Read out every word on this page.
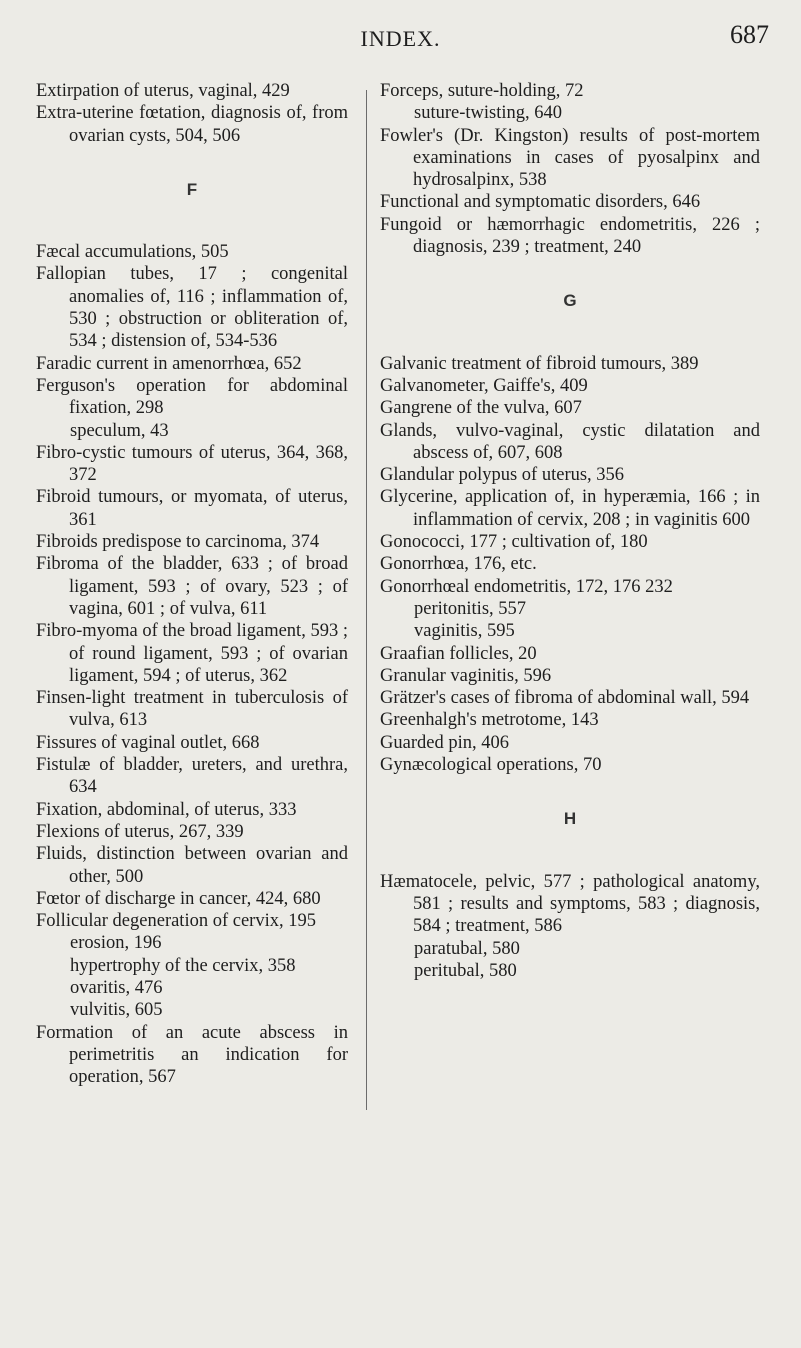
INDEX.	687

Extirpation of uterus, vaginal, 429

Extra-uterine fœtation, diagnosis of, from ovarian cysts, 504, 506

F

Fæcal accumulations, 505

Fallopian tubes, 17 ; congenital anomalies of, 116 ; inflammation of, 530 ; obstruction or obliteration of, 534 ; distension of, 534-536

Faradic current in amenorrhœa, 652

Ferguson's operation for abdominal fixation, 298

speculum, 43

Fibro-cystic tumours of uterus, 364, 368, 372

Fibroid tumours, or myomata, of uterus, 361

Fibroids predispose to carcinoma, 374

Fibroma of the bladder, 633 ; of broad ligament, 593 ; of ovary, 523 ; of vagina, 601 ; of vulva, 611

Fibro-myoma of the broad ligament, 593 ; of round ligament, 593 ; of ovarian ligament, 594 ; of uterus, 362

Finsen-light treatment in tuberculosis of vulva, 613

Fissures of vaginal outlet, 668

Fistulæ of bladder, ureters, and urethra, 634

Fixation, abdominal, of uterus, 333

Flexions of uterus, 267, 339

Fluids, distinction between ovarian and other, 500

Fœtor of discharge in cancer, 424, 680

Follicular degeneration of cervix, 195

erosion, 196

hypertrophy of the cervix, 358

ovaritis, 476

vulvitis, 605

Formation of an acute abscess in perimetritis an indication for operation, 567

Forceps, suture-holding, 72

suture-twisting, 640

Fowler's (Dr. Kingston) results of post-mortem examinations in cases of pyosalpinx and hydrosalpinx, 538

Functional and symptomatic disorders, 646

Fungoid or hæmorrhagic endometritis, 226 ; diagnosis, 239 ; treatment, 240

G

Galvanic treatment of fibroid tumours, 389

Galvanometer, Gaiffe's, 409

Gangrene of the vulva, 607

Glands, vulvo-vaginal, cystic dilatation and abscess of, 607, 608

Glandular polypus of uterus, 356

Glycerine, application of, in hyperæmia, 166 ; in inflammation of cervix, 208 ; in vaginitis 600

Gonococci, 177 ; cultivation of, 180

Gonorrhœa, 176, etc.

Gonorrhœal endometritis, 172, 176 232

peritonitis, 557

vaginitis, 595

Graafian follicles, 20

Granular vaginitis, 596

Grätzer's cases of fibroma of abdominal wall, 594

Greenhalgh's metrotome, 143

Guarded pin, 406

Gynæcological operations, 70

H

Hæmatocele, pelvic, 577 ; pathological anatomy, 581 ; results and symptoms, 583 ; diagnosis, 584 ; treatment, 586

paratubal, 580

peritubal, 580
